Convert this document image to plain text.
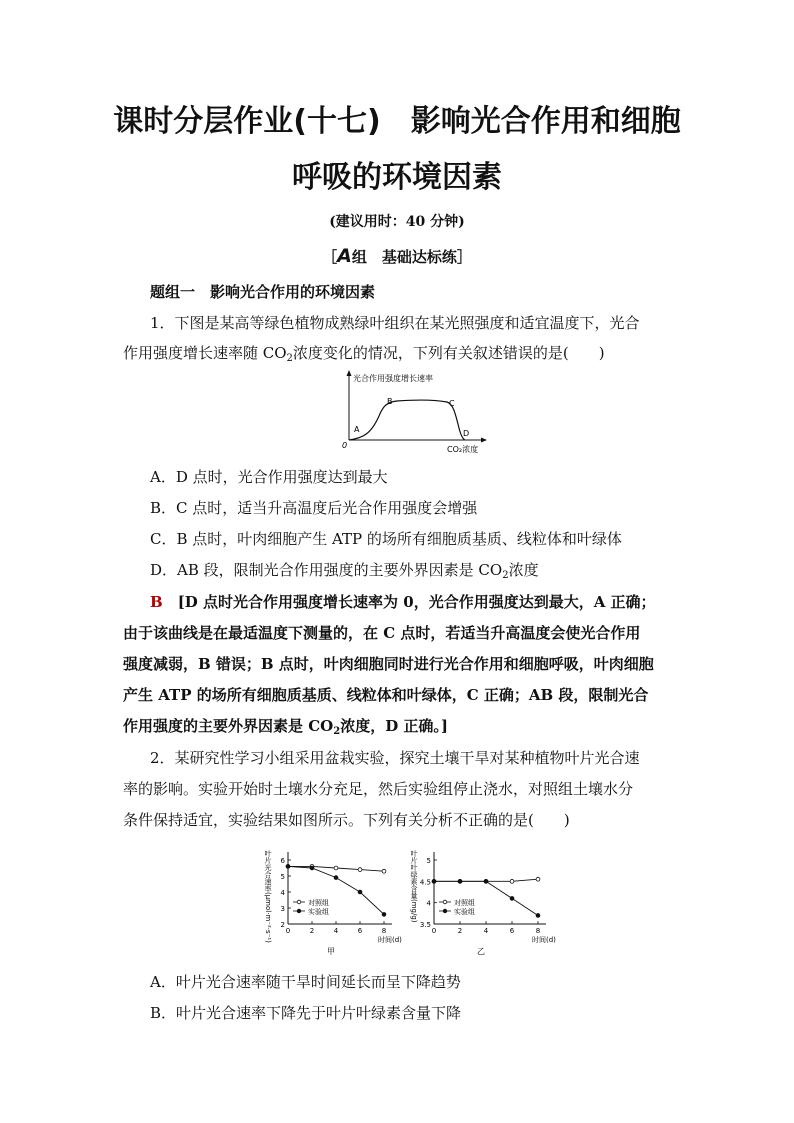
课时分层作业(十七)　影响光合作用和细胞
呼吸的环境因素
(建议用时：40 分钟)
［A组　基础达标练］
题组一　影响光合作用的环境因素
1．下图是某高等绿色植物成熟绿叶组织在某光照强度和适宜温度下，光合
作用强度增长速率随 $CO_2$浓度变化的情况，下列有关叙述错误的是(　　)
光合作用强度增长速率
0	CO₂浓度
A
B	C
D
A．D 点时，光合作用强度达到最大
B．C 点时，适当升高温度后光合作用强度会增强
C．B 点时，叶肉细胞产生 ATP 的场所有细胞质基质、线粒体和叶绿体
D．AB 段，限制光合作用强度的主要外界因素是 $CO_2$浓度
B　 [D 点时光合作用强度增长速率为 0，光合作用强度达到最大，A 正确；
由于该曲线是在最适温度下测量的，在 C 点时，若适当升高温度会使光合作用
强度减弱，B 错误；B 点时，叶肉细胞同时进行光合作用和细胞呼吸，叶肉细胞
产生 ATP 的场所有细胞质基质、线粒体和叶绿体，C 正确；AB 段，限制光合
作用强度的主要外界因素是 $CO_2$浓度，D 正确。]
2．某研究性学习小组采用盆栽实验，探究土壤干旱对某种植物叶片光合速
率的影响。实验开始时土壤水分充足，然后实验组停止浇水，对照组土壤水分
条件保持适宜，实验结果如图所示。下列有关分析不正确的是(　　)
2
3
4
5
6
0	2	4	6	8
时间(d)
叶片光合速率(μmol·m⁻²·s⁻¹)	对照组
实验组
甲
3.5
4
4.5
5
0	2	4	6	8
时间(d)
叶片叶绿素含量(mg/g)	对照组
实验组
乙
A．叶片光合速率随干旱时间延长而呈下降趋势
B．叶片光合速率下降先于叶片叶绿素含量下降
